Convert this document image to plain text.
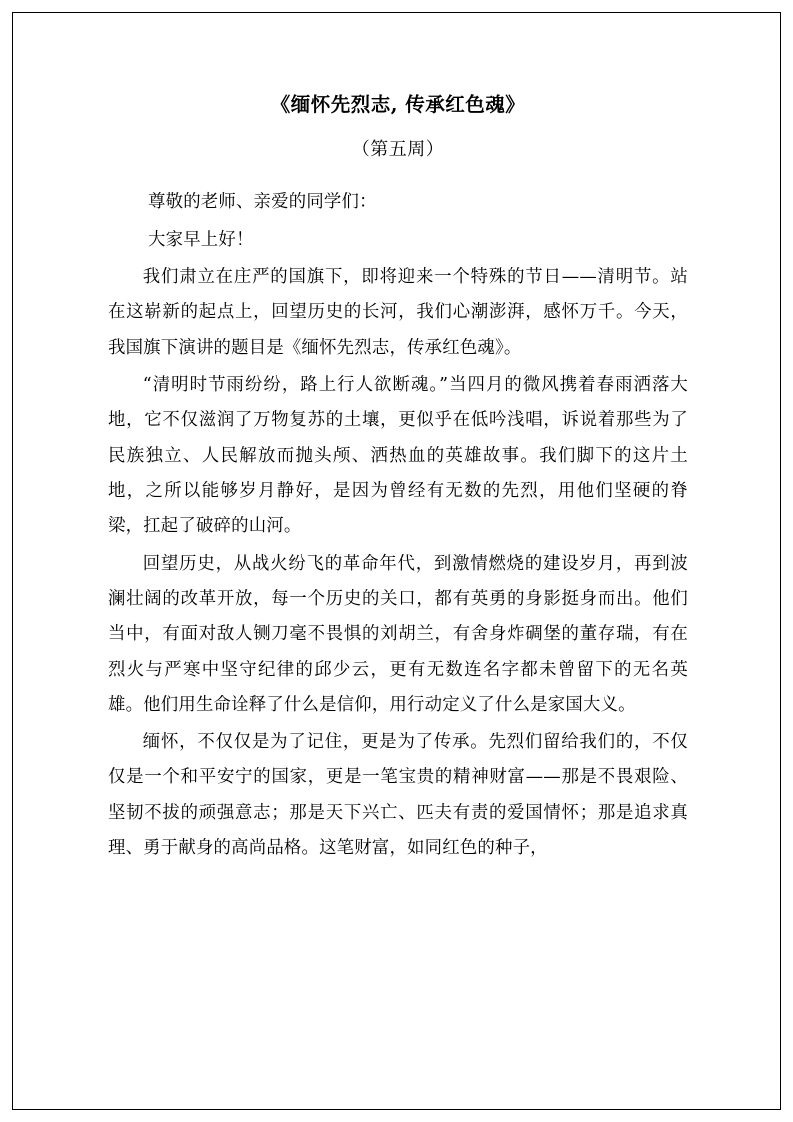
《缅怀先烈志, 传承红色魂》
（第五周）

尊敬的老师、亲爱的同学们：

大家早上好！

我们肃立在庄严的国旗下，即将迎来一个特殊的节日——清明节。站在这崭新的起点上，回望历史的长河，我们心潮澎湃，感怀万千。今天，我国旗下演讲的题目是《缅怀先烈志，传承红色魂》。

“清明时节雨纷纷，路上行人欲断魂。”当四月的微风携着春雨洒落大地，它不仅滋润了万物复苏的土壤，更似乎在低吟浅唱，诉说着那些为了民族独立、人民解放而抛头颅、洒热血的英雄故事。我们脚下的这片土地，之所以能够岁月静好，是因为曾经有无数的先烈，用他们坚硬的脊梁，扛起了破碎的山河。

回望历史，从战火纷飞的革命年代，到激情燃烧的建设岁月，再到波澜壮阔的改革开放，每一个历史的关口，都有英勇的身影挺身而出。他们当中，有面对敌人铡刀毫不畏惧的刘胡兰，有舍身炸碉堡的董存瑞，有在烈火与严寒中坚守纪律的邱少云，更有无数连名字都未曾留下的无名英雄。他们用生命诠释了什么是信仰，用行动定义了什么是家国大义。

缅怀，不仅仅是为了记住，更是为了传承。先烈们留给我们的，不仅仅是一个和平安宁的国家，更是一笔宝贵的精神财富——那是不畏艰险、坚韧不拔的顽强意志；那是天下兴亡、匹夫有责的爱国情怀；那是追求真理、勇于献身的高尚品格。这笔财富，如同红色的种子，
